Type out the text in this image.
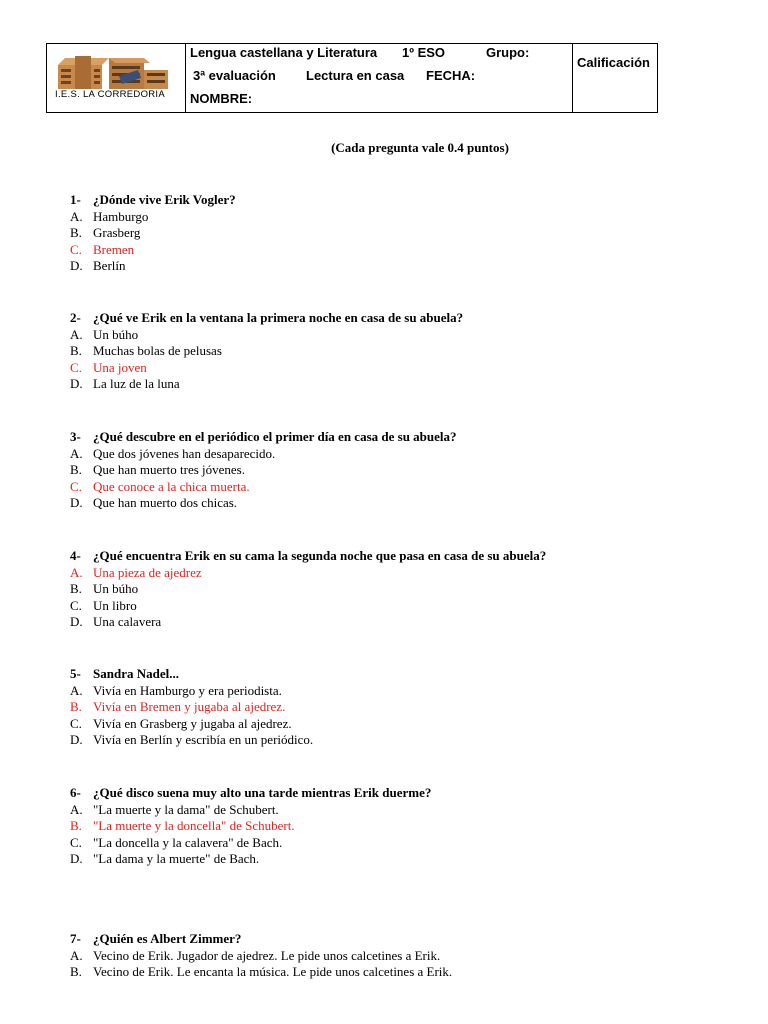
I.E.S. LA CORREDORIA
Lengua castellana y Literatura 1º ESO	Grupo:
3ª evaluación Lectura en casa FECHA:
NOMBRE:
Calificación
(Cada pregunta vale 0.4 puntos)
1- ¿Dónde vive Erik Vogler?
A. Hamburgo
B. Grasberg
C. Bremen
D. Berlín
2- ¿Qué ve Erik en la ventana la primera noche en casa de su abuela?
A. Un búho
B. Muchas bolas de pelusas
C. Una joven
D. La luz de la luna
3- ¿Qué descubre en el periódico el primer día en casa de su abuela?
A. Que dos jóvenes han desaparecido.
B. Que han muerto tres jóvenes.
C. Que conoce a la chica muerta.
D. Que han muerto dos chicas.
4- ¿Qué encuentra Erik en su cama la segunda noche que pasa en casa de su abuela?
A. Una pieza de ajedrez
B. Un búho
C. Un libro
D. Una calavera
5- Sandra Nadel...
A. Vivía en Hamburgo y era periodista.
B. Vivía en Bremen y jugaba al ajedrez.
C. Vivía en Grasberg y jugaba al ajedrez.
D. Vivía en Berlín y escribía en un periódico.
6- ¿Qué disco suena muy alto una tarde mientras Erik duerme?
A. "La muerte y la dama" de Schubert.
B. "La muerte y la doncella" de Schubert.
C. "La doncella y la calavera" de Bach.
D. "La dama y la muerte" de Bach.
7- ¿Quién es Albert Zimmer?
A. Vecino de Erik. Jugador de ajedrez. Le pide unos calcetines a Erik.
B. Vecino de Erik. Le encanta la música. Le pide unos calcetines a Erik.
